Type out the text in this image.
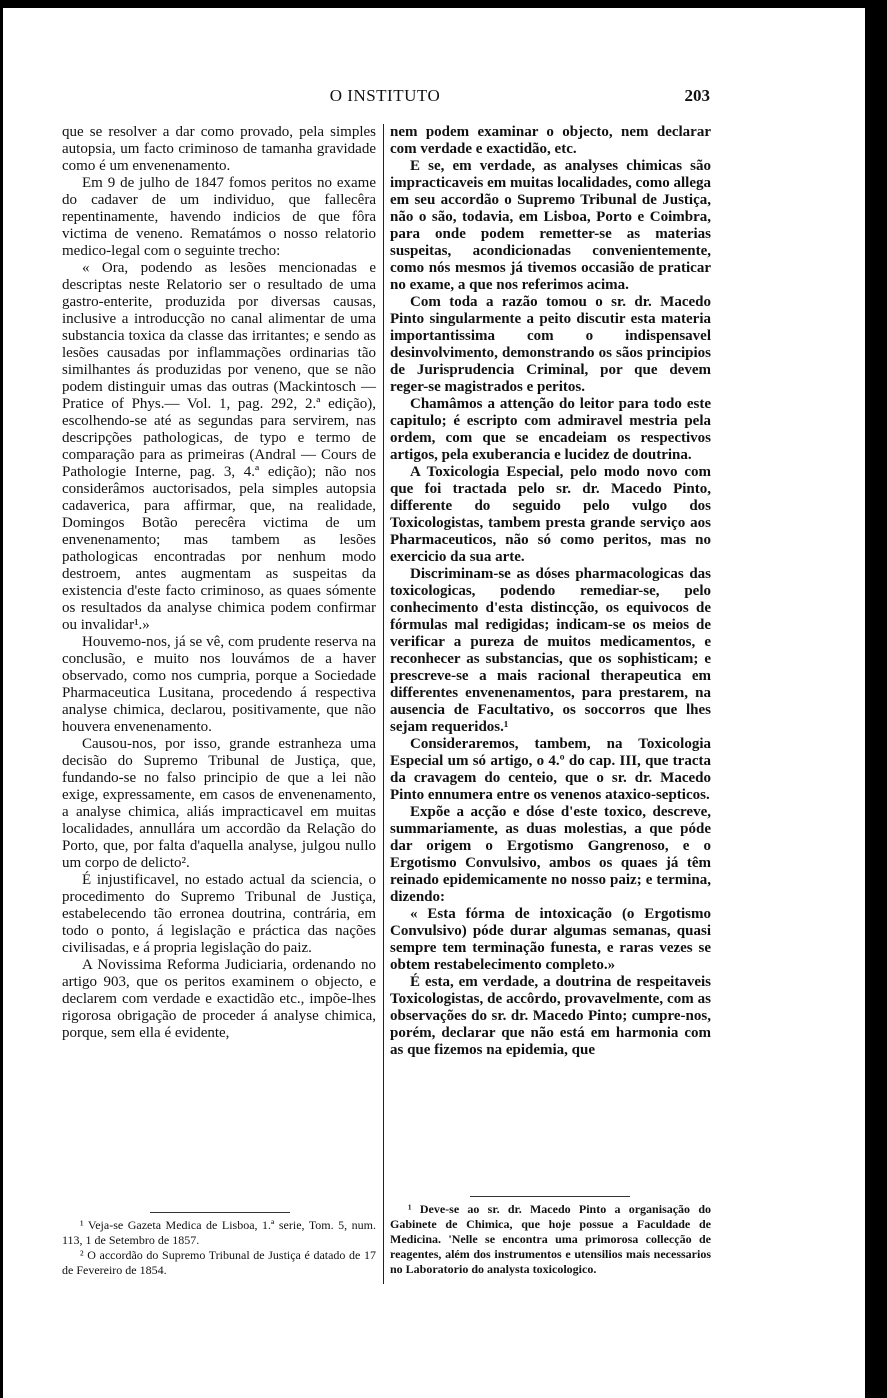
O INSTITUTO	203

que se resolver a dar como provado, pela simples autopsia, um facto criminoso de tamanha gravidade como é um envenenamento.

Em 9 de julho de 1847 fomos peritos no exame do cadaver de um individuo, que fallecêra repentinamente, havendo indicios de que fôra victima de veneno. Rematámos o nosso relatorio medico-legal com o seguinte trecho:

« Ora, podendo as lesões mencionadas e descriptas neste Relatorio ser o resultado de uma gastro-enterite, produzida por diversas causas, inclusive a introducção no canal alimentar de uma substancia toxica da classe das irritantes; e sendo as lesões causadas por inflammações ordinarias tão similhantes ás produzidas por veneno, que se não podem distinguir umas das outras (Mackintosch — Pratice of Phys.— Vol. 1, pag. 292, 2.ª edição), escolhendo-se até as segundas para servirem, nas descripções pathologicas, de typo e termo de comparação para as primeiras (Andral — Cours de Pathologie Interne, pag. 3, 4.ª edição); não nos considerâmos auctorisados, pela simples autopsia cadaverica, para affirmar, que, na realidade, Domingos Botão perecêra victima de um envenenamento; mas tambem as lesões pathologicas encontradas por nenhum modo destroem, antes augmentam as suspeitas da existencia d'este facto criminoso, as quaes sómente os resultados da analyse chimica podem confirmar ou invalidar¹.»

Houvemo-nos, já se vê, com prudente reserva na conclusão, e muito nos louvámos de a haver observado, como nos cumpria, porque a Sociedade Pharmaceutica Lusitana, procedendo á respectiva analyse chimica, declarou, positivamente, que não houvera envenenamento.

Causou-nos, por isso, grande estranheza uma decisão do Supremo Tribunal de Justiça, que, fundando-se no falso principio de que a lei não exige, expressamente, em casos de envenenamento, a analyse chimica, aliás impracticavel em muitas localidades, annullára um accordão da Relação do Porto, que, por falta d'aquella analyse, julgou nullo um corpo de delicto².

É injustificavel, no estado actual da sciencia, o procedimento do Supremo Tribunal de Justiça, estabelecendo tão erronea doutrina, contrária, em todo o ponto, á legislação e práctica das nações civilisadas, e á propria legislação do paiz.

A Novissima Reforma Judiciaria, ordenando no artigo 903, que os peritos examinem o objecto, e declarem com verdade e exactidão etc., impõe-lhes rigorosa obrigação de proceder á analyse chimica, porque, sem ella é evidente,

nem podem examinar o objecto, nem declarar com verdade e exactidão, etc.

E se, em verdade, as analyses chimicas são impracticaveis em muitas localidades, como allega em seu accordão o Supremo Tribunal de Justiça, não o são, todavia, em Lisboa, Porto e Coimbra, para onde podem remetter-se as materias suspeitas, acondicionadas convenientemente, como nós mesmos já tivemos occasião de praticar no exame, a que nos referimos acima.

Com toda a razão tomou o sr. dr. Macedo Pinto singularmente a peito discutir esta materia importantissima com o indispensavel desinvolvimento, demonstrando os sãos principios de Jurisprudencia Criminal, por que devem reger-se magistrados e peritos.

Chamâmos a attenção do leitor para todo este capitulo; é escripto com admiravel mestria pela ordem, com que se encadeiam os respectivos artigos, pela exuberancia e lucidez de doutrina.

A Toxicologia Especial, pelo modo novo com que foi tractada pelo sr. dr. Macedo Pinto, differente do seguido pelo vulgo dos Toxicologistas, tambem presta grande serviço aos Pharmaceuticos, não só como peritos, mas no exercicio da sua arte.

Discriminam-se as dóses pharmacologicas das toxicologicas, podendo remediar-se, pelo conhecimento d'esta distincção, os equivocos de fórmulas mal redigidas; indicam-se os meios de verificar a pureza de muitos medicamentos, e reconhecer as substancias, que os sophisticam; e prescreve-se a mais racional therapeutica em differentes envenenamentos, para prestarem, na ausencia de Facultativo, os soccorros que lhes sejam requeridos.¹

Consideraremos, tambem, na Toxicologia Especial um só artigo, o 4.º do cap. III, que tracta da cravagem do centeio, que o sr. dr. Macedo Pinto ennumera entre os venenos ataxico-septicos.

Expõe a acção e dóse d'este toxico, descreve, summariamente, as duas molestias, a que póde dar origem o Ergotismo Gangrenoso, e o Ergotismo Convulsivo, ambos os quaes já têm reinado epidemicamente no nosso paiz; e termina, dizendo:

« Esta fórma de intoxicação (o Ergotismo Convulsivo) póde durar algumas semanas, quasi sempre tem terminação funesta, e raras vezes se obtem restabelecimento completo.»

É esta, em verdade, a doutrina de respeitaveis Toxicologistas, de accôrdo, provavelmente, com as observações do sr. dr. Macedo Pinto; cumpre-nos, porém, declarar que não está em harmonia com as que fizemos na epidemia, que

¹ Veja-se Gazeta Medica de Lisboa, 1.ª serie, Tom. 5, num. 113, 1 de Setembro de 1857.

² O accordão do Supremo Tribunal de Justiça é datado de 17 de Fevereiro de 1854.

¹ Deve-se ao sr. dr. Macedo Pinto a organisação do Gabinete de Chimica, que hoje possue a Faculdade de Medicina. 'Nelle se encontra uma primorosa collecção de reagentes, além dos instrumentos e utensilios mais necessarios no Laboratorio do analysta toxicologico.
